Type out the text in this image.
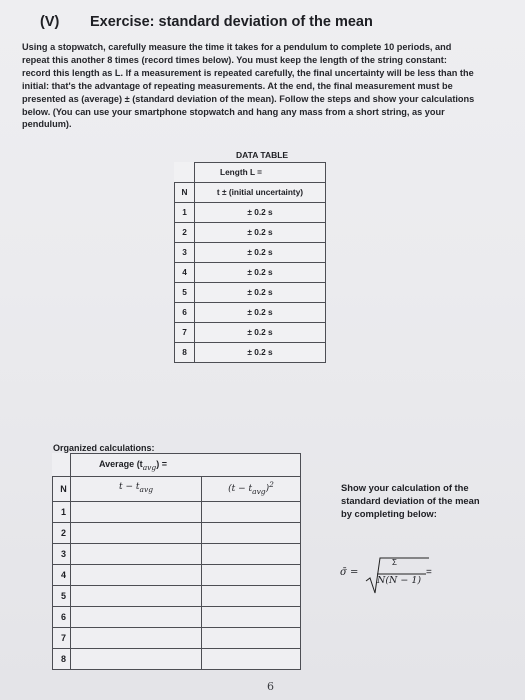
(V)	Exercise: standard deviation of the mean
Using a stopwatch, carefully measure the time it takes for a pendulum to complete 10 periods, and repeat this another 8 times (record times below). You must keep the length of the string constant: record this length as L. If a measurement is repeated carefully, the final uncertainty will be less than the initial: that's the advantage of repeating measurements. At the end, the final measurement must be presented as (average) ± (standard deviation of the mean). Follow the steps and show your calculations below. (You can use your smartphone stopwatch and hang any mass from a short string, as your pendulum).
DATA TABLE
	Length L =
N	t ± (initial uncertainty)
1	± 0.2 s
2	± 0.2 s
3	± 0.2 s
4	± 0.2 s
5	± 0.2 s
6	± 0.2 s
7	± 0.2 s
8	± 0.2 s
Organized calculations:
	Average $(t_{avg})$ =	
N	$t - t_{avg}$	$(t - t_{avg})^2$
1		
2		
3		
4		
5		
6		
7		
8		
Show your calculation of the standard deviation of the mean by completing below:
σ̄ =
Σ
N(N − 1)
=
6
